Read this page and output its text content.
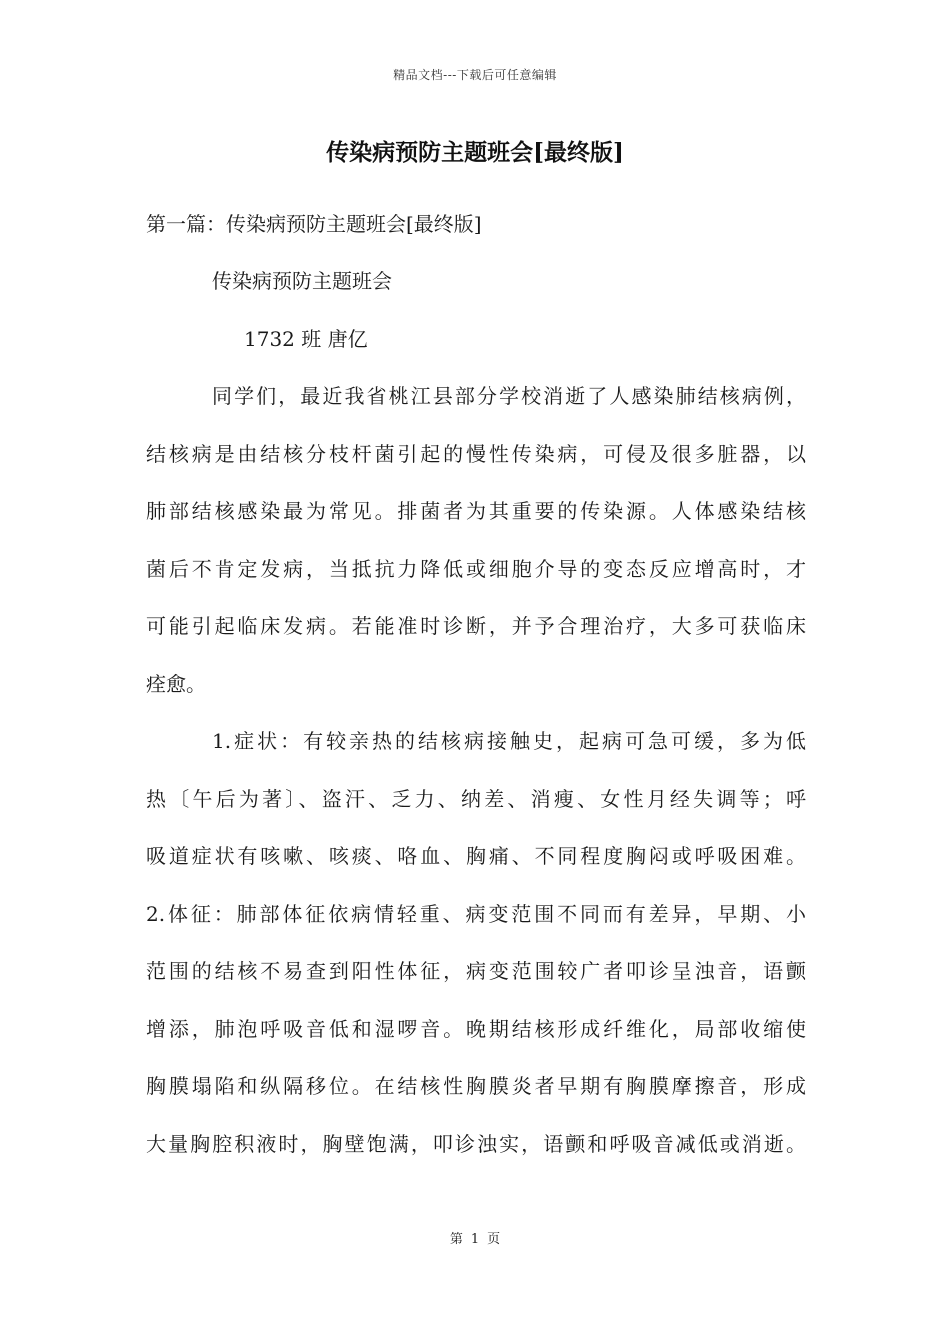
精品文档---下载后可任意编辑
传染病预防主题班会[最终版]
第一篇：传染病预防主题班会[最终版]
传染病预防主题班会
1732 班 唐亿
同学们，最近我省桃江县部分学校消逝了人感染肺结核病例，
结核病是由结核分枝杆菌引起的慢性传染病，可侵及很多脏器，以
肺部结核感染最为常见。排菌者为其重要的传染源。人体感染结核
菌后不肯定发病，当抵抗力降低或细胞介导的变态反应增高时，才
可能引起临床发病。若能准时诊断，并予合理治疗，大多可获临床
痊愈。
1.症状：有较亲热的结核病接触史，起病可急可缓，多为低
热〔午后为著〕、盗汗、乏力、纳差、消瘦、女性月经失调等；呼
吸道症状有咳嗽、咳痰、咯血、胸痛、不同程度胸闷或呼吸困难。
2.体征：肺部体征依病情轻重、病变范围不同而有差异，早期、小
范围的结核不易查到阳性体征，病变范围较广者叩诊呈浊音，语颤
增添，肺泡呼吸音低和湿啰音。晚期结核形成纤维化，局部收缩使
胸膜塌陷和纵隔移位。在结核性胸膜炎者早期有胸膜摩擦音，形成
大量胸腔积液时，胸壁饱满，叩诊浊实，语颤和呼吸音减低或消逝。
第 1 页
